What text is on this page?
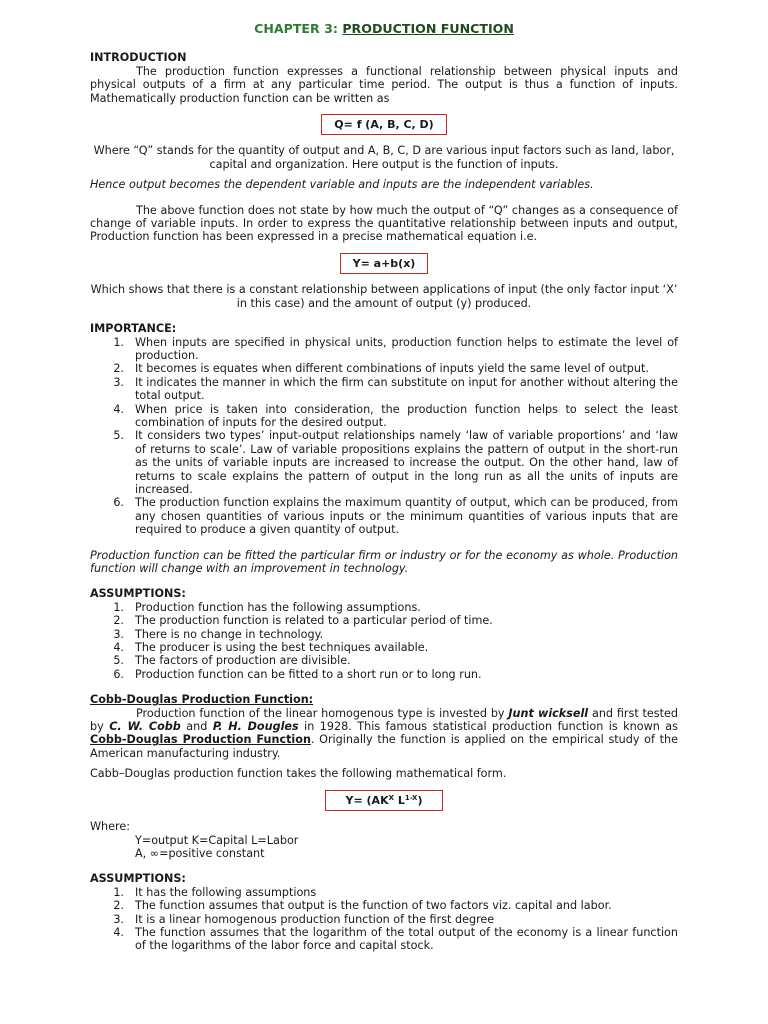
CHAPTER 3: PRODUCTION FUNCTION
INTRODUCTION

The production function expresses a functional relationship between physical inputs and physical outputs of a firm at any particular time period. The output is thus a function of inputs. Mathematically production function can be written as

Q= f (A, B, C, D)

Where “Q” stands for the quantity of output and A, B, C, D are various input factors such as land, labor, capital and organization. Here output is the function of inputs.

Hence output becomes the dependent variable and inputs are the independent variables.

The above function does not state by how much the output of “Q” changes as a consequence of change of variable inputs. In order to express the quantitative relationship between inputs and output, Production function has been expressed in a precise mathematical equation i.e.

Y= a+b(x)

Which shows that there is a constant relationship between applications of input (the only factor input ‘X’ in this case) and the amount of output (y) produced.

IMPORTANCE:
1. When inputs are specified in physical units, production function helps to estimate the level of production.
2. It becomes is equates when different combinations of inputs yield the same level of output.
3. It indicates the manner in which the firm can substitute on input for another without altering the total output.
4. When price is taken into consideration, the production function helps to select the least combination of inputs for the desired output.
5. It considers two types’ input-output relationships namely ‘law of variable proportions’ and ‘law of returns to scale’. Law of variable propositions explains the pattern of output in the short-run as the units of variable inputs are increased to increase the output. On the other hand, law of returns to scale explains the pattern of output in the long run as all the units of inputs are increased.
6. The production function explains the maximum quantity of output, which can be produced, from any chosen quantities of various inputs or the minimum quantities of various inputs that are required to produce a given quantity of output.

Production function can be fitted the particular firm or industry or for the economy as whole. Production function will change with an improvement in technology.

ASSUMPTIONS:
1. Production function has the following assumptions.
2. The production function is related to a particular period of time.
3. There is no change in technology.
4. The producer is using the best techniques available.
5. The factors of production are divisible.
6. Production function can be fitted to a short run or to long run.
Cobb-Douglas Production Function:

Production function of the linear homogenous type is invested by Junt wicksell and first tested by C. W. Cobb and P. H. Dougles in 1928. This famous statistical production function is known as Cobb-Douglas Production Function. Originally the function is applied on the empirical study of the American manufacturing industry.

Cabb–Douglas production function takes the following mathematical form.

$Y= (AK^X$ $L^{1-X}$)
Where:
Y=output K=Capital L=Labor
A, ∞=positive constant
ASSUMPTIONS:
1. It has the following assumptions
2. The function assumes that output is the function of two factors viz. capital and labor.
3. It is a linear homogenous production function of the first degree
4. The function assumes that the logarithm of the total output of the economy is a linear function of the logarithms of the labor force and capital stock.
